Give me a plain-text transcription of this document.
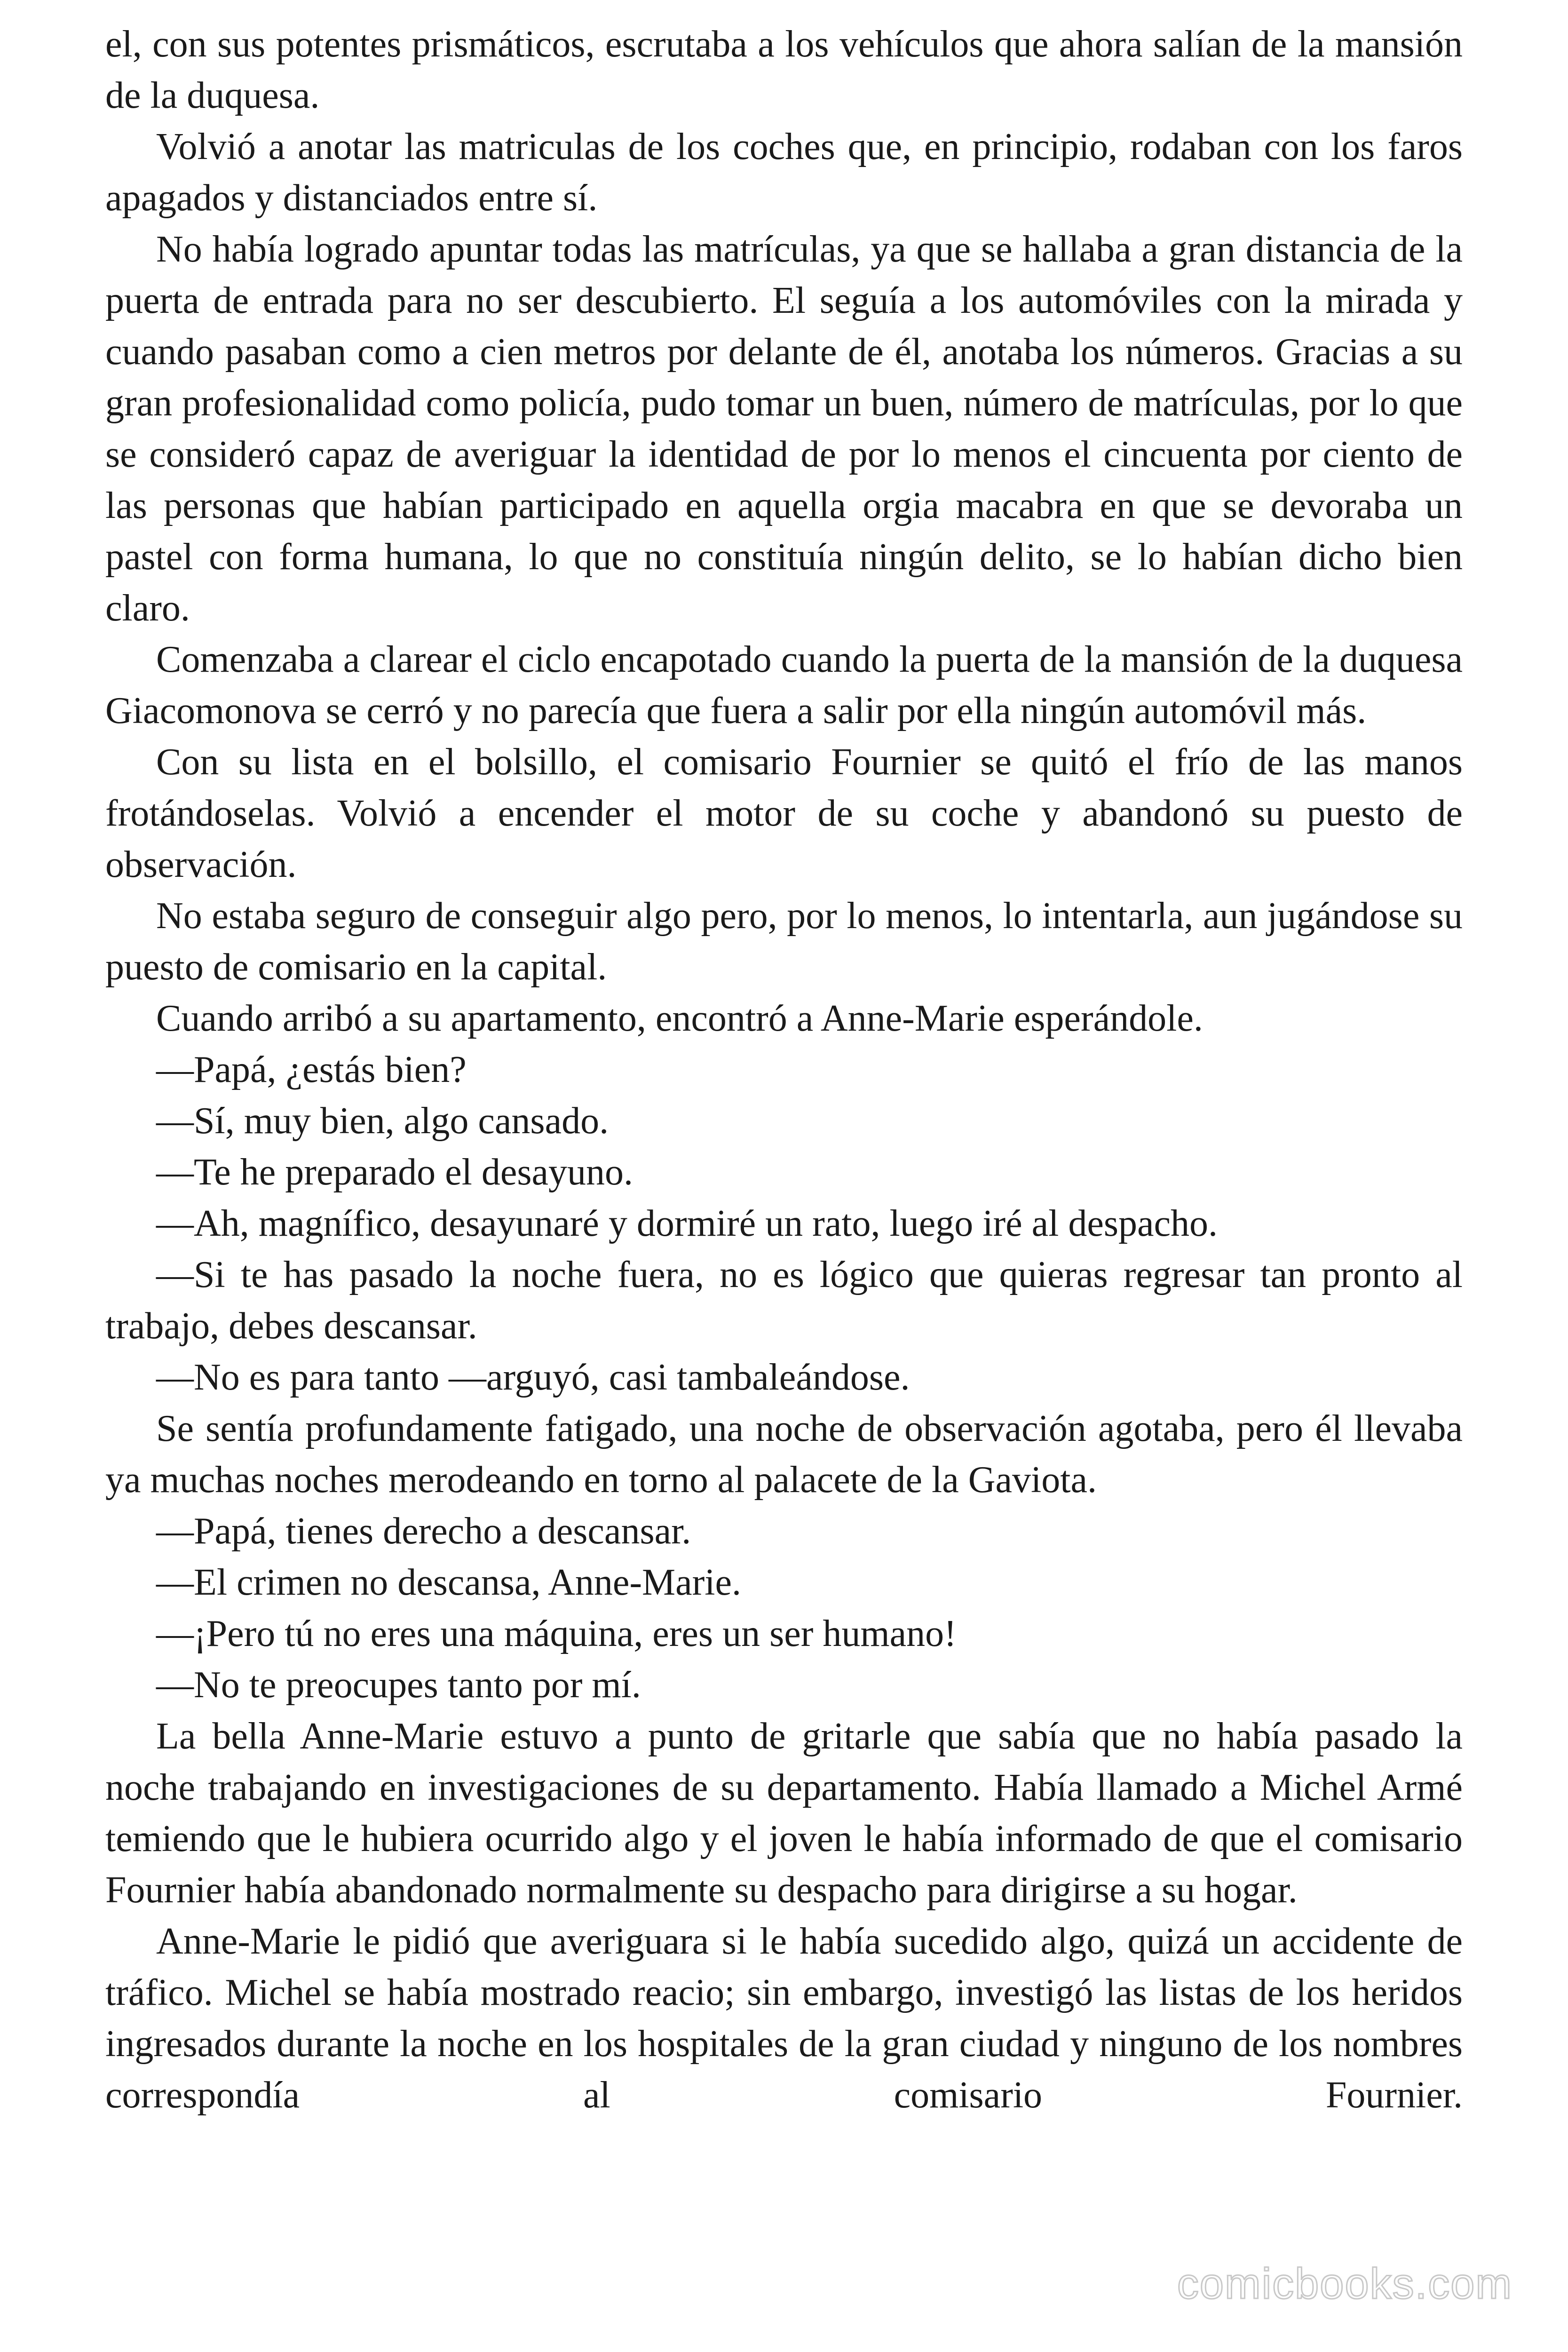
el, con sus potentes prismáticos, escrutaba a los vehículos que ahora salían de la mansión de la duquesa.

Volvió a anotar las matriculas de los coches que, en principio, rodaban con los faros apagados y distanciados entre sí.

No había logrado apuntar todas las matrículas, ya que se hallaba a gran distancia de la puerta de entrada para no ser descubierto. El seguía a los automóviles con la mirada y cuando pasaban como a cien metros por delante de él, anotaba los números. Gracias a su gran profesionalidad como policía, pudo tomar un buen, número de matrículas, por lo que se consideró capaz de averiguar la identidad de por lo menos el cincuenta por ciento de las personas que habían participado en aquella orgia macabra en que se devoraba un pastel con forma humana, lo que no constituía ningún delito, se lo habían dicho bien claro.

Comenzaba a clarear el ciclo encapotado cuando la puerta de la mansión de la duquesa Giacomonova se cerró y no parecía que fuera a salir por ella ningún automóvil más.

Con su lista en el bolsillo, el comisario Fournier se quitó el frío de las manos frotándoselas. Volvió a encender el motor de su coche y abandonó su puesto de observación.

No estaba seguro de conseguir algo pero, por lo menos, lo intentarla, aun jugándose su puesto de comisario en la capital.

Cuando arribó a su apartamento, encontró a Anne-Marie esperándole.

—Papá, ¿estás bien?

—Sí, muy bien, algo cansado.

—Te he preparado el desayuno.

—Ah, magnífico, desayunaré y dormiré un rato, luego iré al despacho.

—Si te has pasado la noche fuera, no es lógico que quieras regresar tan pronto al trabajo, debes descansar.

—No es para tanto —arguyó, casi tambaleándose.

Se sentía profundamente fatigado, una noche de observación agotaba, pero él llevaba ya muchas noches merodeando en torno al palacete de la Gaviota.

—Papá, tienes derecho a descansar.

—El crimen no descansa, Anne-Marie.

—¡Pero tú no eres una máquina, eres un ser humano!

—No te preocupes tanto por mí.

La bella Anne-Marie estuvo a punto de gritarle que sabía que no había pasado la noche trabajando en investigaciones de su departamento. Había llamado a Michel Armé temiendo que le hubiera ocurrido algo y el joven le había informado de que el comisario Fournier había abandonado normalmente su despacho para dirigirse a su hogar.

Anne-Marie le pidió que averiguara si le había sucedido algo, quizá un accidente de tráfico. Michel se había mostrado reacio; sin embargo, investigó las listas de los heridos ingresados durante la noche en los hospitales de la gran ciudad y ninguno de los nombres correspondía al comisario Fournier.

comicbooks.com
